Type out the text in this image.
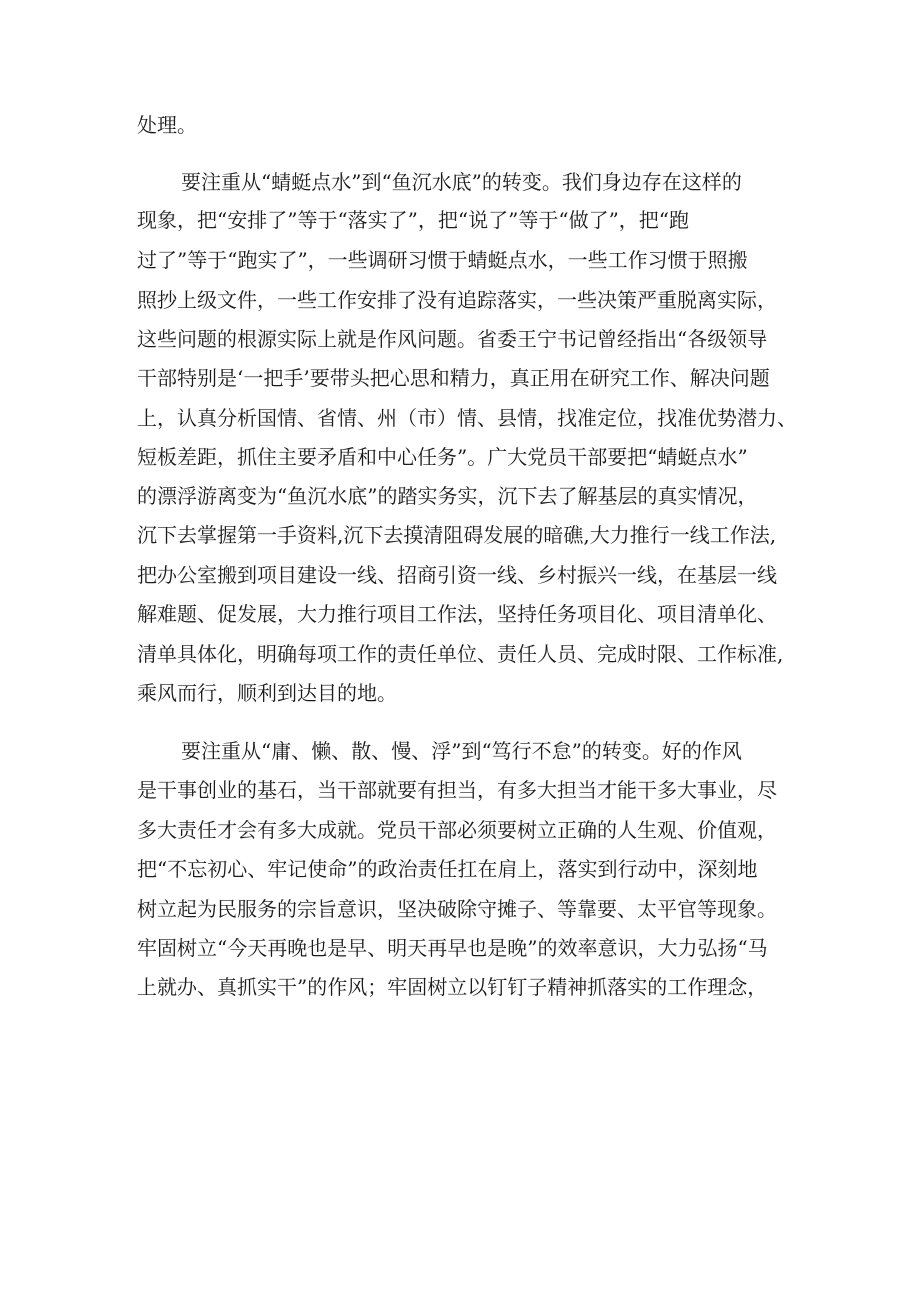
处理。
要注重从“蜻蜓点水”到“鱼沉水底”的转变。我们身边存在这样的
现象，把“安排了”等于“落实了”，把“说了”等于“做了”，把“跑
过了”等于“跑实了”，一些调研习惯于蜻蜓点水，一些工作习惯于照搬
照抄上级文件，一些工作安排了没有追踪落实，一些决策严重脱离实际，
这些问题的根源实际上就是作风问题。省委王宁书记曾经指出“各级领导
干部特别是‘一把手’要带头把心思和精力，真正用在研究工作、解决问题
上，认真分析国情、省情、州（市）情、县情，找准定位，找准优势潜力、
短板差距，抓住主要矛盾和中心任务”。广大党员干部要把“蜻蜓点水”
的漂浮游离变为“鱼沉水底”的踏实务实，沉下去了解基层的真实情况，
沉下去掌握第一手资料,沉下去摸清阻碍发展的暗礁,大力推行一线工作法,
把办公室搬到项目建设一线、招商引资一线、乡村振兴一线，在基层一线
解难题、促发展，大力推行项目工作法，坚持任务项目化、项目清单化、
清单具体化，明确每项工作的责任单位、责任人员、完成时限、工作标准,
乘风而行，顺利到达目的地。
要注重从“庸、懒、散、慢、浮”到“笃行不怠”的转变。好的作风
是干事创业的基石，当干部就要有担当，有多大担当才能干多大事业，尽
多大责任才会有多大成就。党员干部必须要树立正确的人生观、价值观，
把“不忘初心、牢记使命”的政治责任扛在肩上，落实到行动中，深刻地
树立起为民服务的宗旨意识，坚决破除守摊子、等靠要、太平官等现象。
牢固树立“今天再晚也是早、明天再早也是晚”的效率意识，大力弘扬“马
上就办、真抓实干”的作风；牢固树立以钉钉子精神抓落实的工作理念，
